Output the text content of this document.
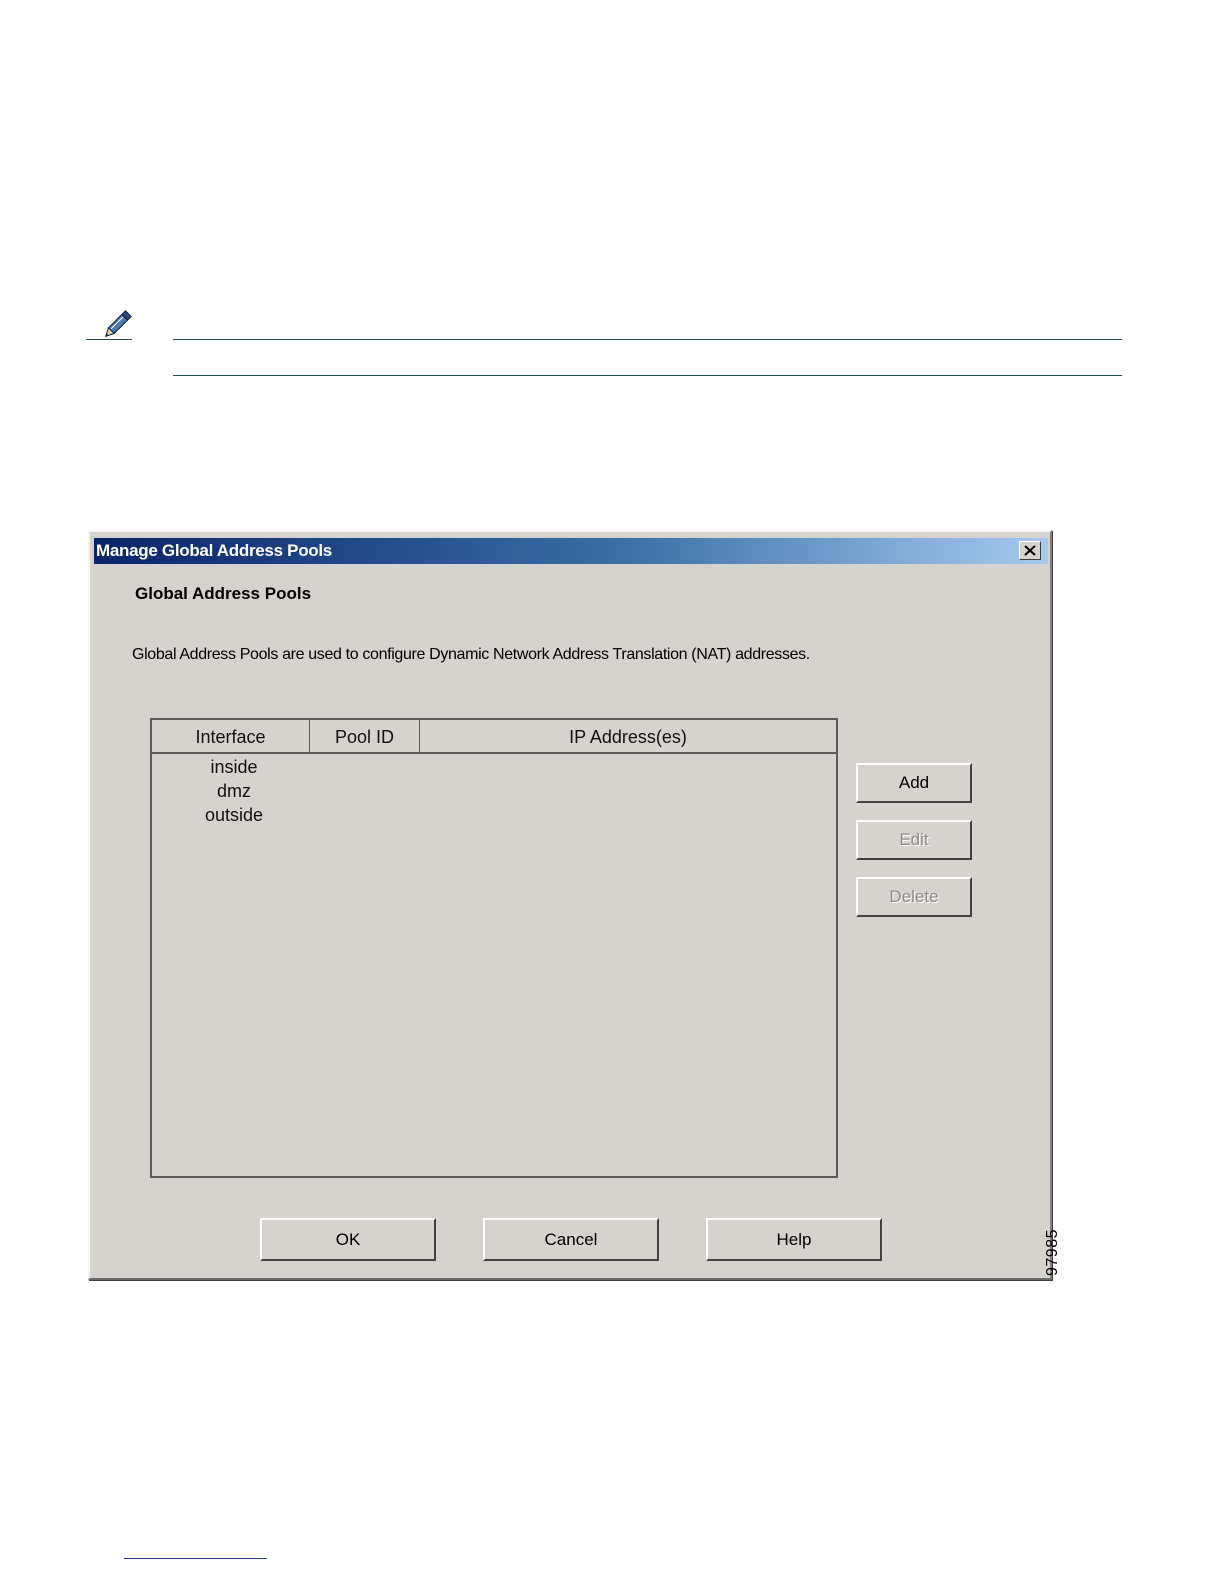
Manage Global Address Pools
Global Address Pools
Global Address Pools are used to configure Dynamic Network Address Translation (NAT) addresses.
Interface	Pool ID	IP Address(es)
inside
dmz
outside
Add
Edit
Delete
OK	Cancel	Help	97985
